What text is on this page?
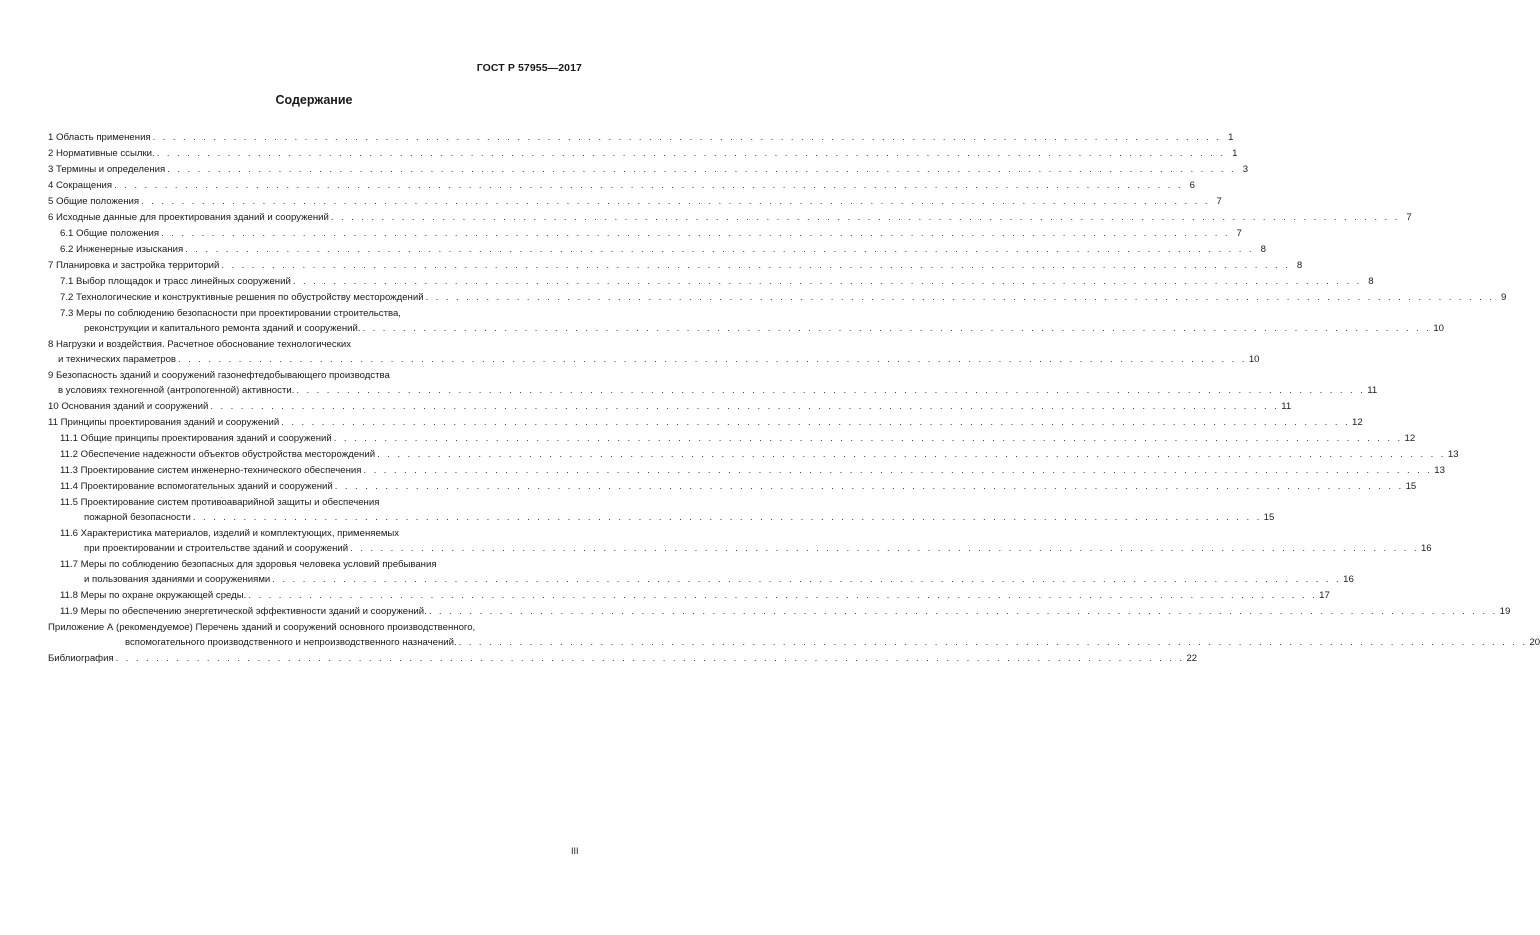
ГОСТ Р 57955—2017
Содержание
1 Область применения . . . . . . . . . . . . . . . . . . . . . . . . . . . . . . . . . . . . . . . . . . . . . . . . . . . . . . . . . . . . . . . . . . . . . . . . . . . . . . . . . . . . . . . . . . . . . . . . . . . . . . . . . . 1
2 Нормативные ссылки. . . . . . . . . . . . . . . . . . . . . . . . . . . . . . . . . . . . . . . . . . . . . . . . . . . . . . . . . . . . . . . . . . . . . . . . . . . . . . . . . . . . . . . . . . . . . . . . . . . . . . . . . . . 1
3 Термины и определения . . . . . . . . . . . . . . . . . . . . . . . . . . . . . . . . . . . . . . . . . . . . . . . . . . . . . . . . . . . . . . . . . . . . . . . . . . . . . . . . . . . . . . . . . . . . . . . . . . . . . . . . . . 3
4 Сокращения . . . . . . . . . . . . . . . . . . . . . . . . . . . . . . . . . . . . . . . . . . . . . . . . . . . . . . . . . . . . . . . . . . . . . . . . . . . . . . . . . . . . . . . . . . . . . . . . . . . . . . . . . . 6
5 Общие положения . . . . . . . . . . . . . . . . . . . . . . . . . . . . . . . . . . . . . . . . . . . . . . . . . . . . . . . . . . . . . . . . . . . . . . . . . . . . . . . . . . . . . . . . . . . . . . . . . . . . . . . . . . 7
6 Исходные данные для проектирования зданий и сооружений . . . . . . . . . . . . . . . . . . . . . . . . . . . . . . . . . . . . . . . . . . . . . . . . . . . . . . . . . . . . . . . . . . . . . . . . . . . . . . . . . . . . . . . . . . . . . . . . . . . . . . . . . . 7
6.1 Общие положения . . . . . . . . . . . . . . . . . . . . . . . . . . . . . . . . . . . . . . . . . . . . . . . . . . . . . . . . . . . . . . . . . . . . . . . . . . . . . . . . . . . . . . . . . . . . . . . . . . . . . . . . . . 7
6.2 Инженерные изыскания . . . . . . . . . . . . . . . . . . . . . . . . . . . . . . . . . . . . . . . . . . . . . . . . . . . . . . . . . . . . . . . . . . . . . . . . . . . . . . . . . . . . . . . . . . . . . . . . . . . . . . . . . . 8
7 Планировка и застройка территорий . . . . . . . . . . . . . . . . . . . . . . . . . . . . . . . . . . . . . . . . . . . . . . . . . . . . . . . . . . . . . . . . . . . . . . . . . . . . . . . . . . . . . . . . . . . . . . . . . . . . . . . . . . 8
7.1 Выбор площадок и трасс линейных сооружений . . . . . . . . . . . . . . . . . . . . . . . . . . . . . . . . . . . . . . . . . . . . . . . . . . . . . . . . . . . . . . . . . . . . . . . . . . . . . . . . . . . . . . . . . . . . . . . . . . . . . . . . . . 8
7.2 Технологические и конструктивные решения по обустройству месторождений . . . . . . . . . . . . . . . . . . . . . . . . . . . . . . . . . . . . . . . . . . . . . . . . . . . . . . . . . . . . . . . . . . . . . . . . . . . . . . . . . . . . . . . . . . . . . . . . . . . . . . . . . . 9
7.3 Меры по соблюдению безопасности при проектировании строительства,
реконструкции и капитального ремонта зданий и сооружений. . . . . . . . . . . . . . . . . . . . . . . . . . . . . . . . . . . . . . . . . . . . . . . . . . . . . . . . . . . . . . . . . . . . . . . . . . . . . . . . . . . . . . . . . . . . . . . . . . . . . . . . . . . 10
8 Нагрузки и воздействия. Расчетное обоснование технологических
и технических параметров . . . . . . . . . . . . . . . . . . . . . . . . . . . . . . . . . . . . . . . . . . . . . . . . . . . . . . . . . . . . . . . . . . . . . . . . . . . . . . . . . . . . . . . . . . . . . . . . . . . . . . . . . . 10
9 Безопасность зданий и сооружений газонефтедобывающего производства
в условиях техногенной (антропогенной) активности. . . . . . . . . . . . . . . . . . . . . . . . . . . . . . . . . . . . . . . . . . . . . . . . . . . . . . . . . . . . . . . . . . . . . . . . . . . . . . . . . . . . . . . . . . . . . . . . . . . . . . . . . . . 11
10 Основания зданий и сооружений . . . . . . . . . . . . . . . . . . . . . . . . . . . . . . . . . . . . . . . . . . . . . . . . . . . . . . . . . . . . . . . . . . . . . . . . . . . . . . . . . . . . . . . . . . . . . . . . . . . . . . . . . . 11
11 Принципы проектирования зданий и сооружений . . . . . . . . . . . . . . . . . . . . . . . . . . . . . . . . . . . . . . . . . . . . . . . . . . . . . . . . . . . . . . . . . . . . . . . . . . . . . . . . . . . . . . . . . . . . . . . . . . . . . . . . . . 12
11.1 Общие принципы проектирования зданий и сооружений . . . . . . . . . . . . . . . . . . . . . . . . . . . . . . . . . . . . . . . . . . . . . . . . . . . . . . . . . . . . . . . . . . . . . . . . . . . . . . . . . . . . . . . . . . . . . . . . . . . . . . . . . . 12
11.2 Обеспечение надежности объектов обустройства месторождений . . . . . . . . . . . . . . . . . . . . . . . . . . . . . . . . . . . . . . . . . . . . . . . . . . . . . . . . . . . . . . . . . . . . . . . . . . . . . . . . . . . . . . . . . . . . . . . . . . . . . . . . . . 13
11.3 Проектирование систем инженерно-технического обеспечения . . . . . . . . . . . . . . . . . . . . . . . . . . . . . . . . . . . . . . . . . . . . . . . . . . . . . . . . . . . . . . . . . . . . . . . . . . . . . . . . . . . . . . . . . . . . . . . . . . . . . . . . . . 13
11.4 Проектирование вспомогательных зданий и сооружений . . . . . . . . . . . . . . . . . . . . . . . . . . . . . . . . . . . . . . . . . . . . . . . . . . . . . . . . . . . . . . . . . . . . . . . . . . . . . . . . . . . . . . . . . . . . . . . . . . . . . . . . . . 15
11.5 Проектирование систем противоаварийной защиты и обеспечения
пожарной безопасности . . . . . . . . . . . . . . . . . . . . . . . . . . . . . . . . . . . . . . . . . . . . . . . . . . . . . . . . . . . . . . . . . . . . . . . . . . . . . . . . . . . . . . . . . . . . . . . . . . . . . . . . . . 15
11.6 Характеристика материалов, изделий и комплектующих, применяемых
при проектировании и строительстве зданий и сооружений . . . . . . . . . . . . . . . . . . . . . . . . . . . . . . . . . . . . . . . . . . . . . . . . . . . . . . . . . . . . . . . . . . . . . . . . . . . . . . . . . . . . . . . . . . . . . . . . . . . . . . . . . . 16
11.7 Меры по соблюдению безопасных для здоровья человека условий пребывания
и пользования зданиями и сооружениями . . . . . . . . . . . . . . . . . . . . . . . . . . . . . . . . . . . . . . . . . . . . . . . . . . . . . . . . . . . . . . . . . . . . . . . . . . . . . . . . . . . . . . . . . . . . . . . . . . . . . . . . . . 16
11.8 Меры по охране окружающей среды. . . . . . . . . . . . . . . . . . . . . . . . . . . . . . . . . . . . . . . . . . . . . . . . . . . . . . . . . . . . . . . . . . . . . . . . . . . . . . . . . . . . . . . . . . . . . . . . . . . . . . . . . . . 17
11.9 Меры по обеспечению энергетической эффективности зданий и сооружений. . . . . . . . . . . . . . . . . . . . . . . . . . . . . . . . . . . . . . . . . . . . . . . . . . . . . . . . . . . . . . . . . . . . . . . . . . . . . . . . . . . . . . . . . . . . . . . . . . . . . . . . . . . 19
Приложение А (рекомендуемое) Перечень зданий и сооружений основного производственного,
вспомогательного производственного и непроизводственного назначений. . . . . . . . . . . . . . . . . . . . . . . . . . . . . . . . . . . . . . . . . . . . . . . . . . . . . . . . . . . . . . . . . . . . . . . . . . . . . . . . . . . . . . . . . . . . . . . . . . . . . . . . . . . 20
Библиография . . . . . . . . . . . . . . . . . . . . . . . . . . . . . . . . . . . . . . . . . . . . . . . . . . . . . . . . . . . . . . . . . . . . . . . . . . . . . . . . . . . . . . . . . . . . . . . . . . . . . . . . . . 22
III
